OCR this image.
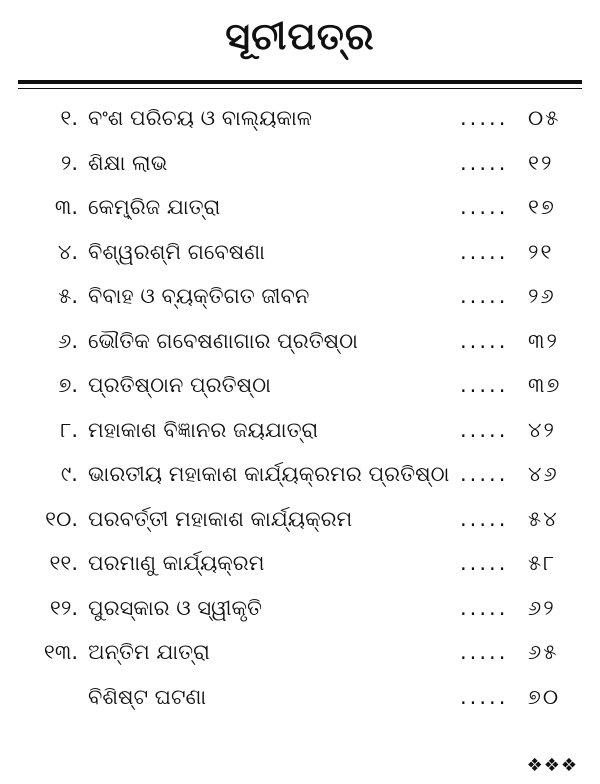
ସୂଚୀପତ୍ର
୧. ବଂଶ ପରିଚୟ ଓ ବାଲ୍ୟକାଳ	..... ୦୫
୨. ଶିକ୍ଷା ଲାଭ	..... ୧୨
୩. କେମ୍ବ୍ରିଜ ଯାତ୍ରା	..... ୧୭
୪. ବିଶ୍ୱରଶ୍ମି ଗବେଷଣା	..... ୨୧
୫. ବିବାହ ଓ ବ୍ୟକ୍ତିଗତ ଜୀବନ	..... ୨୬
୬. ଭୌତିକ ଗବେଷଣାଗାର ପ୍ରତିଷ୍ଠା	..... ୩୨
୭. ପ୍ରତିଷ୍ଠାନ ପ୍ରତିଷ୍ଠା	..... ୩୭
୮. ମହାକାଶ ବିଜ୍ଞାନର ଜୟଯାତ୍ରା	..... ୪୨
୯. ଭାରତୀୟ ମହାକାଶ କାର୍ଯ୍ୟକ୍ରମର ପ୍ରତିଷ୍ଠା ..... ୪୬
୧୦. ପରବର୍ତ୍ତୀ ମହାକାଶ କାର୍ଯ୍ୟକ୍ରମ	..... ୫୪
୧୧. ପରମାଣୁ କାର୍ଯ୍ୟକ୍ରମ	..... ୫୮
୧୨. ପୁରସ୍କାର ଓ ସ୍ୱୀକୃତି	..... ୬୨
୧୩. ଅନ୍ତିମ ଯାତ୍ରା	..... ୬୫
ବିଶିଷ୍ଟ ଘଟଣା	..... ୭୦
❖❖❖
